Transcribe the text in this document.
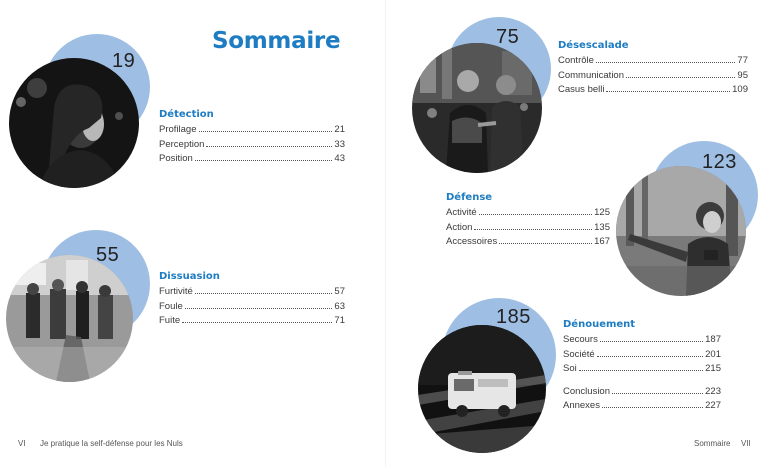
Sommaire
19
Détection
Profilage	21
Perception	33
Position	43
55
Dissuasion
Furtivité	57
Foule	63
Fuite	71
75	Désescalade
Contrôle	77
Communication	95
Casus belli	109
123
Défense
Activité	125
Action	135
Accessoires	167
185	Dénouement
Secours	187
Société	201
Soi	215
Conclusion	223
Annexes	227
VI Je pratique la self-défense pour les Nuls	Sommaire VII
